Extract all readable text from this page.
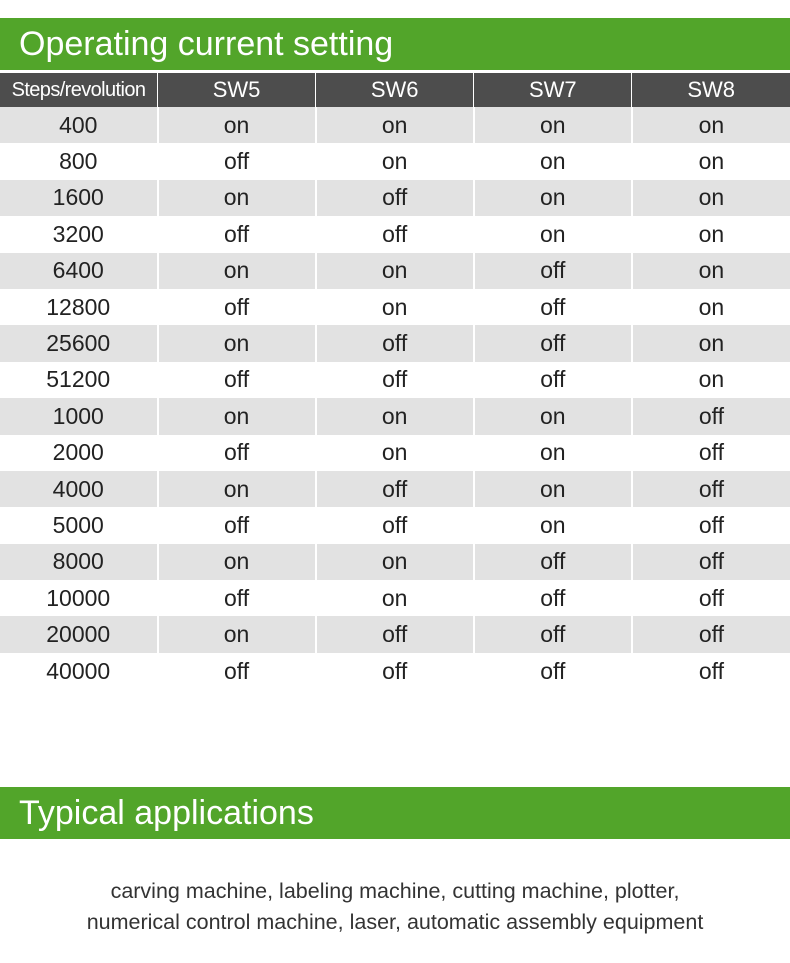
Operating current setting
Steps/revolution	SW5	SW6	SW7	SW8
400	on	on	on	on
800	off	on	on	on
1600	on	off	on	on
3200	off	off	on	on
6400	on	on	off	on
12800	off	on	off	on
25600	on	off	off	on
51200	off	off	off	on
1000	on	on	on	off
2000	off	on	on	off
4000	on	off	on	off
5000	off	off	on	off
8000	on	on	off	off
10000	off	on	off	off
20000	on	off	off	off
40000	off	off	off	off
Typical applications
carving machine, labeling machine, cutting machine, plotter,
numerical control machine, laser, automatic assembly equipment
